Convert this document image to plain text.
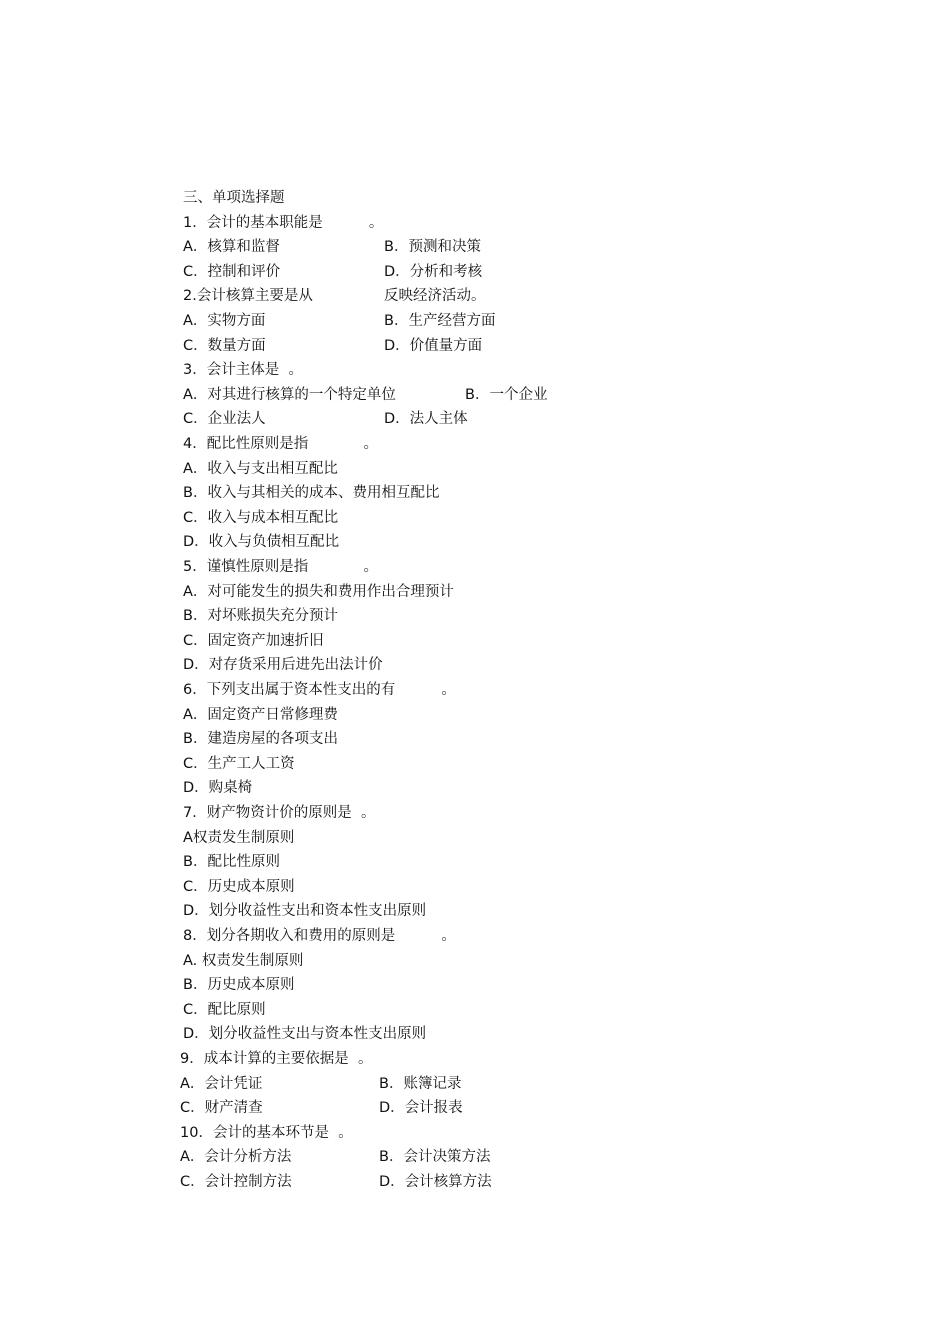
三、单项选择题
1．会计的基本职能是          。
A．核算和监督	B．预测和决策
C．控制和评价	D．分析和考核
2.会计核算主要是从	反映经济活动。
A．实物方面	B．生产经营方面
C．数量方面	D．价值量方面
3．会计主体是  。
A．对其进行核算的一个特定单位	B．一个企业
C．企业法人	D．法人主体
4．配比性原则是指            。
A．收入与支出相互配比
B．收入与其相关的成本、费用相互配比
C．收入与成本相互配比
D．收入与负债相互配比
5．谨慎性原则是指            。
A．对可能发生的损失和费用作出合理预计
B．对坏账损失充分预计
C．固定资产加速折旧
D．对存货采用后进先出法计价
6．下列支出属于资本性支出的有          。
A．固定资产日常修理费
B．建造房屋的各项支出
C．生产工人工资
D．购桌椅
7．财产物资计价的原则是  。
A权责发生制原则
B．配比性原则
C．历史成本原则
D．划分收益性支出和资本性支出原则
8．划分各期收入和费用的原则是          。
A. 权责发生制原则
B．历史成本原则
C．配比原则
D．划分收益性支出与资本性支出原则
9．成本计算的主要依据是  。
A．会计凭证	B．账簿记录
C．财产清查	D．会计报表
10．会计的基本环节是  。
A．会计分析方法	B．会计决策方法
C．会计控制方法	D．会计核算方法
